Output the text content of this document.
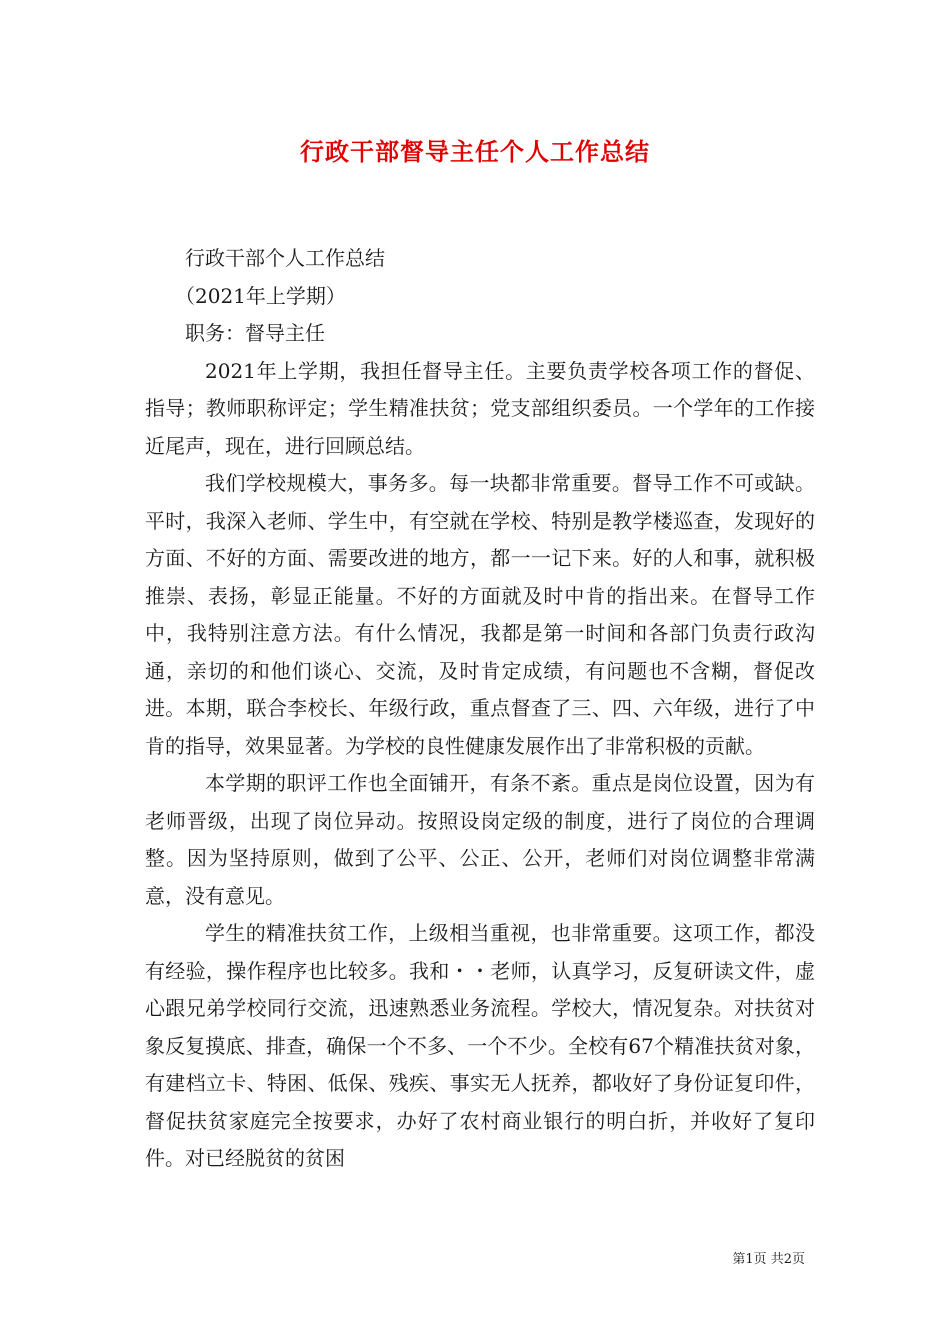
行政干部督导主任个人工作总结

行政干部个人工作总结

（2021年上学期）

职务：督导主任

2021年上学期，我担任督导主任。主要负责学校各项工作的督促、指导；教师职称评定；学生精准扶贫；党支部组织委员。一个学年的工作接近尾声，现在，进行回顾总结。

我们学校规模大，事务多。每一块都非常重要。督导工作不可或缺。平时，我深入老师、学生中，有空就在学校、特别是教学楼巡查，发现好的方面、不好的方面、需要改进的地方，都一一记下来。好的人和事，就积极推崇、表扬，彰显正能量。不好的方面就及时中肯的指出来。在督导工作中，我特别注意方法。有什么情况，我都是第一时间和各部门负责行政沟通，亲切的和他们谈心、交流，及时肯定成绩，有问题也不含糊，督促改进。本期，联合李校长、年级行政，重点督查了三、四、六年级，进行了中肯的指导，效果显著。为学校的良性健康发展作出了非常积极的贡献。

本学期的职评工作也全面铺开，有条不紊。重点是岗位设置，因为有老师晋级，出现了岗位异动。按照设岗定级的制度，进行了岗位的合理调整。因为坚持原则，做到了公平、公正、公开，老师们对岗位调整非常满意，没有意见。

学生的精准扶贫工作，上级相当重视，也非常重要。这项工作，都没有经验，操作程序也比较多。我和・・老师，认真学习，反复研读文件，虚心跟兄弟学校同行交流，迅速熟悉业务流程。学校大，情况复杂。对扶贫对象反复摸底、排查，确保一个不多、一个不少。全校有67个精准扶贫对象，有建档立卡、特困、低保、残疾、事实无人抚养，都收好了身份证复印件，督促扶贫家庭完全按要求，办好了农村商业银行的明白折，并收好了复印件。对已经脱贫的贫困

第1页 共2页
